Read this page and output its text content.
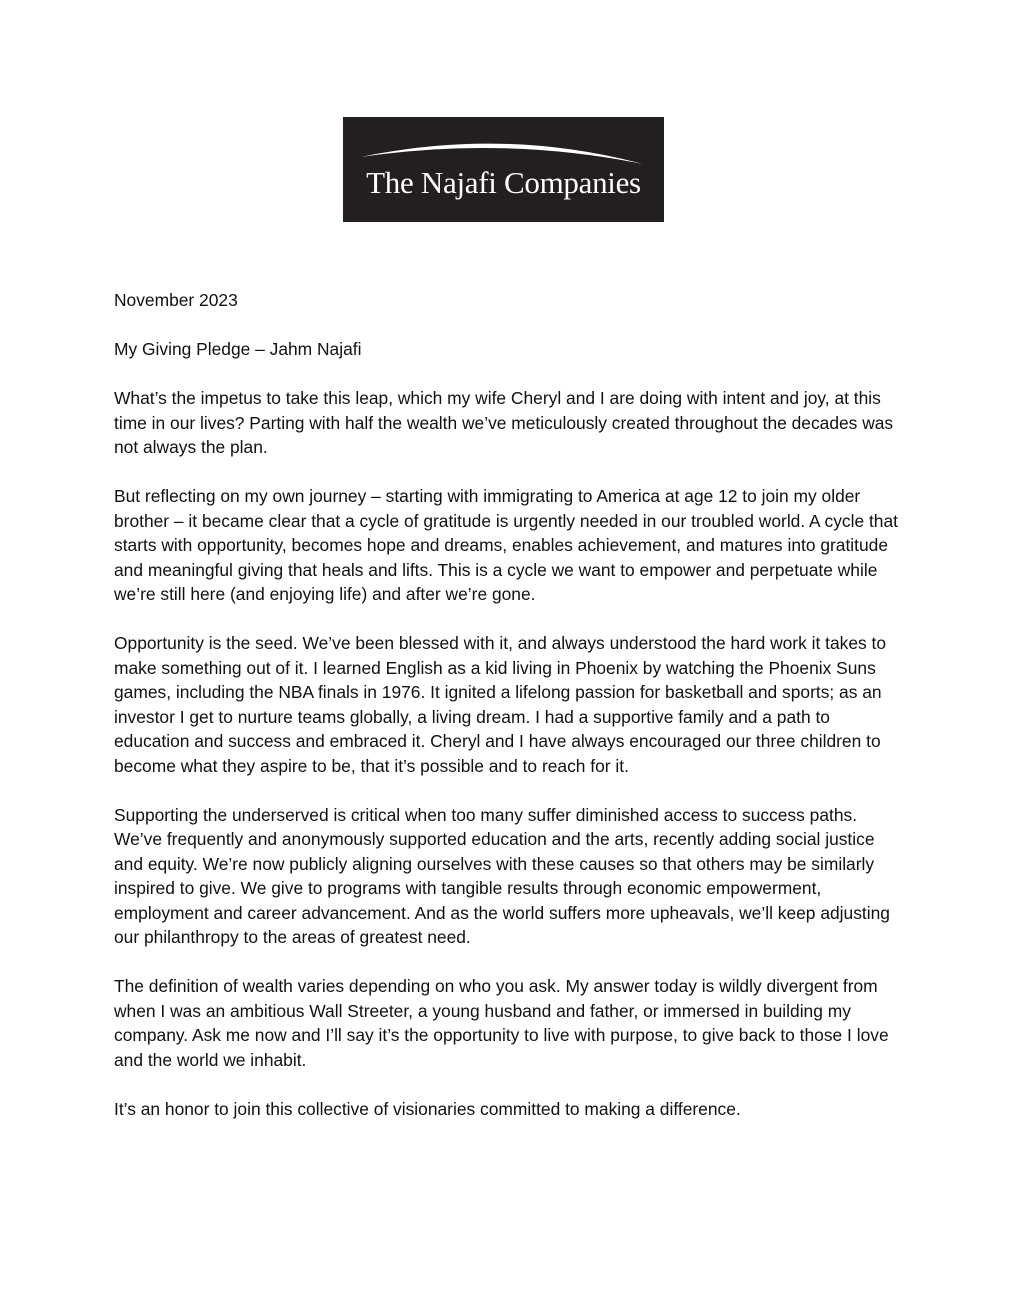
The Najafi Companies

November 2023

My Giving Pledge – Jahm Najafi

What’s the impetus to take this leap, which my wife Cheryl and I are doing with intent and joy, at this time in our lives? Parting with half the wealth we’ve meticulously created throughout the decades was not always the plan.

But reflecting on my own journey – starting with immigrating to America at age 12 to join my older brother – it became clear that a cycle of gratitude is urgently needed in our troubled world. A cycle that starts with opportunity, becomes hope and dreams, enables achievement, and matures into gratitude and meaningful giving that heals and lifts. This is a cycle we want to empower and perpetuate while we’re still here (and enjoying life) and after we’re gone.

Opportunity is the seed. We’ve been blessed with it, and always understood the hard work it takes to make something out of it. I learned English as a kid living in Phoenix by watching the Phoenix Suns games, including the NBA finals in 1976. It ignited a lifelong passion for basketball and sports; as an investor I get to nurture teams globally, a living dream. I had a supportive family and a path to education and success and embraced it. Cheryl and I have always encouraged our three children to become what they aspire to be, that it’s possible and to reach for it.

Supporting the underserved is critical when too many suffer diminished access to success paths. We’ve frequently and anonymously supported education and the arts, recently adding social justice and equity. We’re now publicly aligning ourselves with these causes so that others may be similarly inspired to give. We give to programs with tangible results through economic empowerment, employment and career advancement. And as the world suffers more upheavals, we’ll keep adjusting our philanthropy to the areas of greatest need.

The definition of wealth varies depending on who you ask. My answer today is wildly divergent from when I was an ambitious Wall Streeter, a young husband and father, or immersed in building my company. Ask me now and I’ll say it’s the opportunity to live with purpose, to give back to those I love and the world we inhabit.

It’s an honor to join this collective of visionaries committed to making a difference.
